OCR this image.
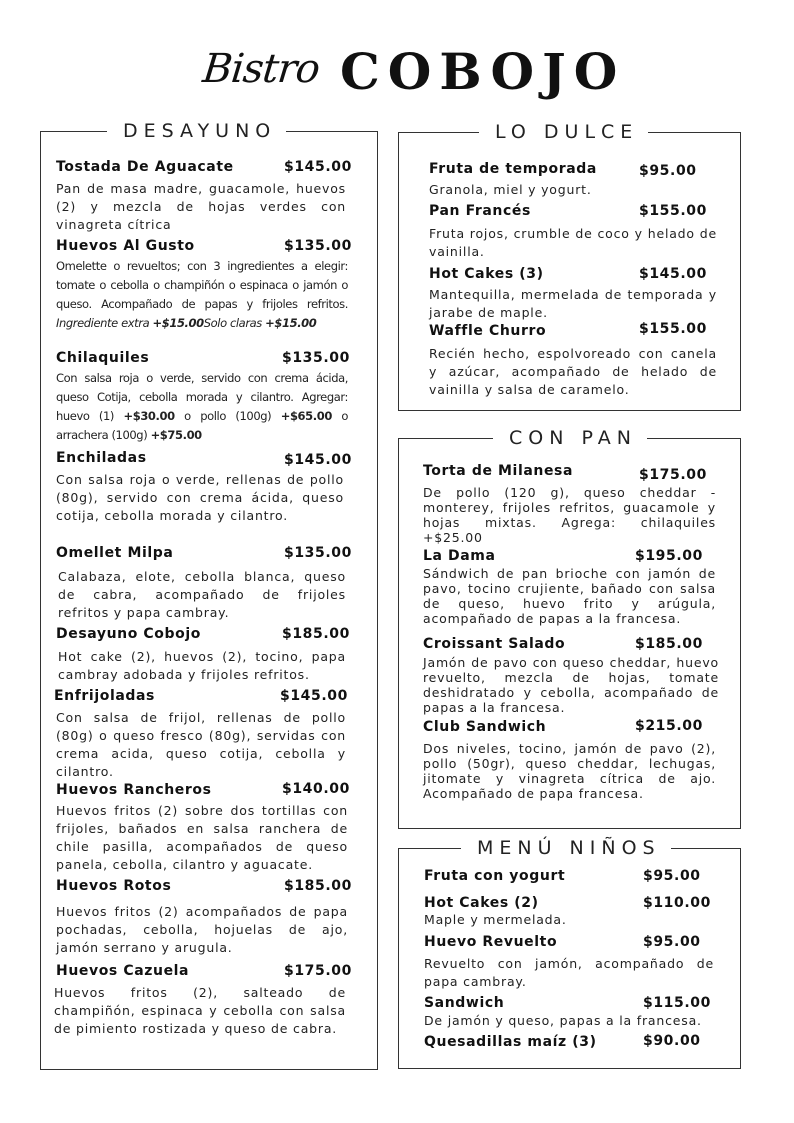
Bistro COBOJO
DESAYUNO
Tostada De Aguacate	$145.00
Pan de masa madre, guacamole, huevos (2) y mezcla de hojas verdes con vinagreta cítrica
Huevos Al Gusto	$135.00
Omelette o revueltos; con 3 ingredientes a elegir: tomate o cebolla o champiñón o espinaca o jamón o queso. Acompañado de papas y frijoles refritos. Ingrediente extra +$15.00Solo claras +$15.00
Chilaquiles	$135.00
Con salsa roja o verde, servido con crema ácida, queso Cotija, cebolla morada y cilantro. Agregar: huevo (1) +$30.00 o pollo (100g) +$65.00 o arrachera (100g) +$75.00
Enchiladas	$145.00
Con salsa roja o verde, rellenas de pollo (80g), servido con crema ácida, queso cotija, cebolla morada y cilantro.
Omellet Milpa	$135.00
Calabaza, elote, cebolla blanca, queso de cabra, acompañado de frijoles refritos y papa cambray.
Desayuno Cobojo	$185.00
Hot cake (2), huevos (2), tocino, papa cambray adobada y frijoles refritos.
Enfrijoladas	$145.00
Con salsa de frijol, rellenas de pollo (80g) o queso fresco (80g), servidas con crema acida, queso cotija, cebolla y cilantro.
Huevos Rancheros	$140.00
Huevos fritos (2) sobre dos tortillas con frijoles, bañados en salsa ranchera de chile pasilla, acompañados de queso panela, cebolla, cilantro y aguacate.
Huevos Rotos	$185.00
Huevos fritos (2) acompañados de papa pochadas, cebolla, hojuelas de ajo, jamón serrano y arugula.
Huevos Cazuela	$175.00
Huevos fritos (2), salteado de champiñón, espinaca y cebolla con salsa de pimiento rostizada y queso de cabra.
LO DULCE
Fruta de temporada	$95.00
Granola, miel y yogurt.
Pan Francés	$155.00
Fruta rojos, crumble de coco y helado de vainilla.
Hot Cakes (3)	$145.00
Mantequilla, mermelada de temporada y jarabe de maple.
Waffle Churro	$155.00
Recién hecho, espolvoreado con canela y azúcar, acompañado de helado de vainilla y salsa de caramelo.
CON PAN
Torta de Milanesa	$175.00
De pollo (120 g), queso cheddar - monterey, frijoles refritos, guacamole y hojas mixtas. Agrega: chilaquiles +$25.00
La Dama	$195.00
Sándwich de pan brioche con jamón de pavo, tocino crujiente, bañado con salsa de queso, huevo frito y arúgula, acompañado de papas a la francesa.
Croissant Salado	$185.00
Jamón de pavo con queso cheddar, huevo revuelto, mezcla de hojas, tomate deshidratado y cebolla, acompañado de papas a la francesa.
Club Sandwich	$215.00
Dos niveles, tocino, jamón de pavo (2), pollo (50gr), queso cheddar, lechugas, jitomate y vinagreta cítrica de ajo. Acompañado de papa francesa.
MENÚ NIÑOS
Fruta con yogurt	$95.00
Hot Cakes (2)	$110.00
Maple y mermelada.
Huevo Revuelto	$95.00
Revuelto con jamón, acompañado de papa cambray.
Sandwich	$115.00
De jamón y queso, papas a la francesa.
Quesadillas maíz (3)	$90.00
